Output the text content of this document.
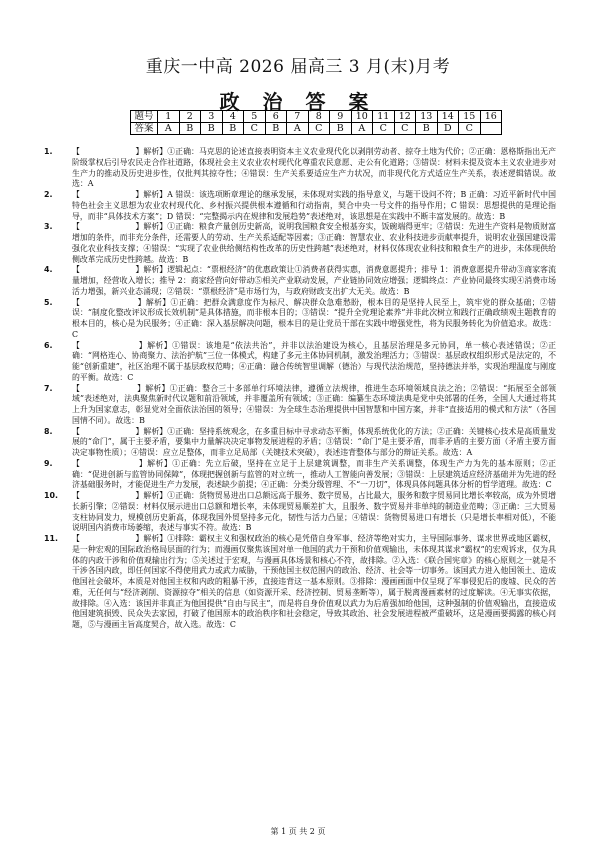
重庆一中高 2026 届高三 3 月(末)月考
政 治 答 案
题号	1	2	3	4	5	6	7	8	9	10	11	12	13	14	15	16
答案	A	B	B	B	C	B	A	C	B	A	C	C	B	D	C	

1. 【　　　　　　　】解析】①正确：马克思的论述直接表明资本主义农业现代化以剥削劳动者、掠夺土地为代价；②正确：恩格斯指出无产阶级掌权后引导农民走合作社道路，体现社会主义农业农村现代化尊重农民意愿、走公有化道路；③错误：材料未提及资本主义农业进步对生产力的推动及历史进步性，仅批判其掠夺性；④错误：生产关系要适应生产力状况，而非现代化方式适应生产关系，表述逻辑错误。故选：A

2. 【　　　　　　　】解析】A 错误：该选项断章理论的继承发展，未体现对实践的指导意义，与题干设问不符；B 正确：习近平新时代中国特色社会主义思想为农业农村现代化、乡村振兴提供根本遵循和行动指南，契合中央一号文件的指导作用；C 错误：思想提供的是理论指导，而非“具体技术方案”；D 错误：“完整揭示内在规律和发展趋势”表述绝对，该思想是在实践中不断丰富发展的。故选：B

3. 【　　　　　　　】解析】①正确：粮食产量创历史新高，说明我国粮食安全根基夯实，饭碗端得更牢；②错误：先进生产资料是物质财富增加的条件，而非充分条件，还需要人的劳动、生产关系适配等因素；③正确：智慧农业、农业科技进步贡献率提升，说明农业强国建设需强化农业科技支撑；④错误：“实现了农业供给侧结构性改革的历史性跨越”表述绝对，材料仅体现农业科技和粮食生产的进步，未体现供给侧改革完成历史性跨越。故选：B

4. 【　　　　　　　】解析】逻辑起点：“票根经济”的优惠政策让①消费者获得实惠，消费意愿提升；排导 1：消费意愿提升带动③商家客流量增加，经营收入增长；推导 2：商家经营向好带动⑤相关产业联动发展，产业链协同效应增强；逻辑终点：产业协同最终实现④消费市场活力增强，新兴业态涌现；②错误：“票根经济”是市场行为，与政府财政支出扩大无关。故选：B

5. 【　　　　　　　】解析】①正确：把群众满意度作为标尺、解决群众急难愁盼，根本目的是坚持人民至上，筑牢党的群众基础；②错误：“制度化整改评议形成长效机制”是具体措施，而非根本目的；③错误：“提升全党理论素养”并非此次树立和践行正确政绩观主题教育的根本目的，核心是为民服务；④正确：深入基层解决问题，根本目的是让党员干部在实践中增强党性，将为民服务转化为价值追求。故选：C

6. 【　　　　　　　】解析】①错误：该地是“依法共治”，并非以法治建设为核心，且基层治理是多元协同，单一核心表述错误；②正确：“网格连心、协商聚力、法治护航”三位一体模式，构建了多元主体协同机制，激发治理活力；③错误：基层政权组织形式是法定的，不能“创新重建”，社区治理不属于基层政权范畴；④正确：融合传统智里调解（德治）与现代法治规范，坚持德法并举，实现治理温度与刚度的平衡。故选：C

7. 【　　　　　　　】解析】①正确：整合三十多部单行环境法律，遵循立法规律，推进生态环境领域良法之治；②错误：“拓展至全部领域”表述绝对，法典聚焦新时代议题和前沿领域，并非覆盖所有领域；③正确：编纂生态环境法典是党中央部署的任务，全国人大通过将其上升为国家意志，彰显党对全面依法治国的领导；④错误：为全球生态治理提供中国智慧和中国方案，并非“直接适用的模式和方法”（各国国情不同）。故选：B

8. 【　　　　　　　】解析】①正确：坚持系统观念，在多重目标中寻求动态平衡，体现系统优化的方法；②正确：关键核心技术是高质量发展的“命门”，属于主要矛盾，要集中力量解决决定事物发展进程的矛盾；③错误：“命门”是主要矛盾，而非矛盾的主要方面（矛盾主要方面决定事物性质）；④错误：应立足整体，而非立足局部（关键技术突破），表述违背整体与部分的辩证关系。故选：A

9. 【　　　　　　　】解析】①正确：先立后破，坚持在立足于上层建筑调整，而非生产关系调整，体现生产力为先的基本原则；②正确：“促进创新与监管协同保障”，体现把握创新与监管的对立统一，推动人工智能向善发展；③错误：上层建筑适应经济基础并为先进的经济基础服务时，才能促进生产力发展，表述缺少前提；④正确：分类分级管理、不“一刀切”，体现具体问题具体分析的哲学道理。故选：C

10. 【　　　　　　　】解析】①正确：货物贸易进出口总额远高于服务、数字贸易，占比最大，服务和数字贸易同比增长率较高，成为外贸增长新引擎；②错误：材料仅展示进出口总额和增长率，未体现贸易顺差扩大，且服务、数字贸易并非单纯的制造业范畴；③正确：三大贸易支柱协同发力，规模创历史新高，体现我国外贸坚持多元化，韧性与活力凸显；④错误：货物贸易进口有增长（只是增长率相对低），不能说明国内消费市场萎缩，表述与事实不符。故选：B

11. 【　　　　　　　】解析】①排除：霸权主义和强权政治的核心是凭借自身军事、经济等绝对实力，主导国际事务、谋求世界或地区霸权，是一种宏观的国际政治格局层面的行为；而漫画仅聚焦该国对单一他国的武力干预和价值观输出，未体现其谋求“霸权”的宏观诉求，仅为具体的内政干涉和价值观输出行为；⑤关述过于宏观，与漫画具体场景和核心不符，故排除。②入选：《联合国宪章》的核心原则之一就是不干涉各国内政，即任何国家不得使用武力或武力威胁，干预他国主权范围内的政治、经济、社会等一切事务。该国武力进入他国领土、造成他国社会破坏，本质是对他国主权和内政的粗暴干涉，直接违背这一基本原则。③排除：漫画画面中仅呈现了军事侵犯后的废墟、民众的苦难，无任何与“经济剥削、资源掠夺”相关的信息（如资源开采、经济控制、贸易垄断等），属于脱离漫画素材的过度解读。④无事实依据，故排除。④入选：该国并非真正为他国提供“自由与民主”，而是将自身价值观以武力为后盾强加给他国，这种强制的价值观输出，直接造成他国建筑损毁、民众失去家园，打破了他国原本的政治秩序和社会稳定，导致其政治、社会发展进程被严重破坏，这是漫画要揭露的核心问题，⑤与漫画主旨高度契合，故入选。故选：C

第 1 页 共 2 页
